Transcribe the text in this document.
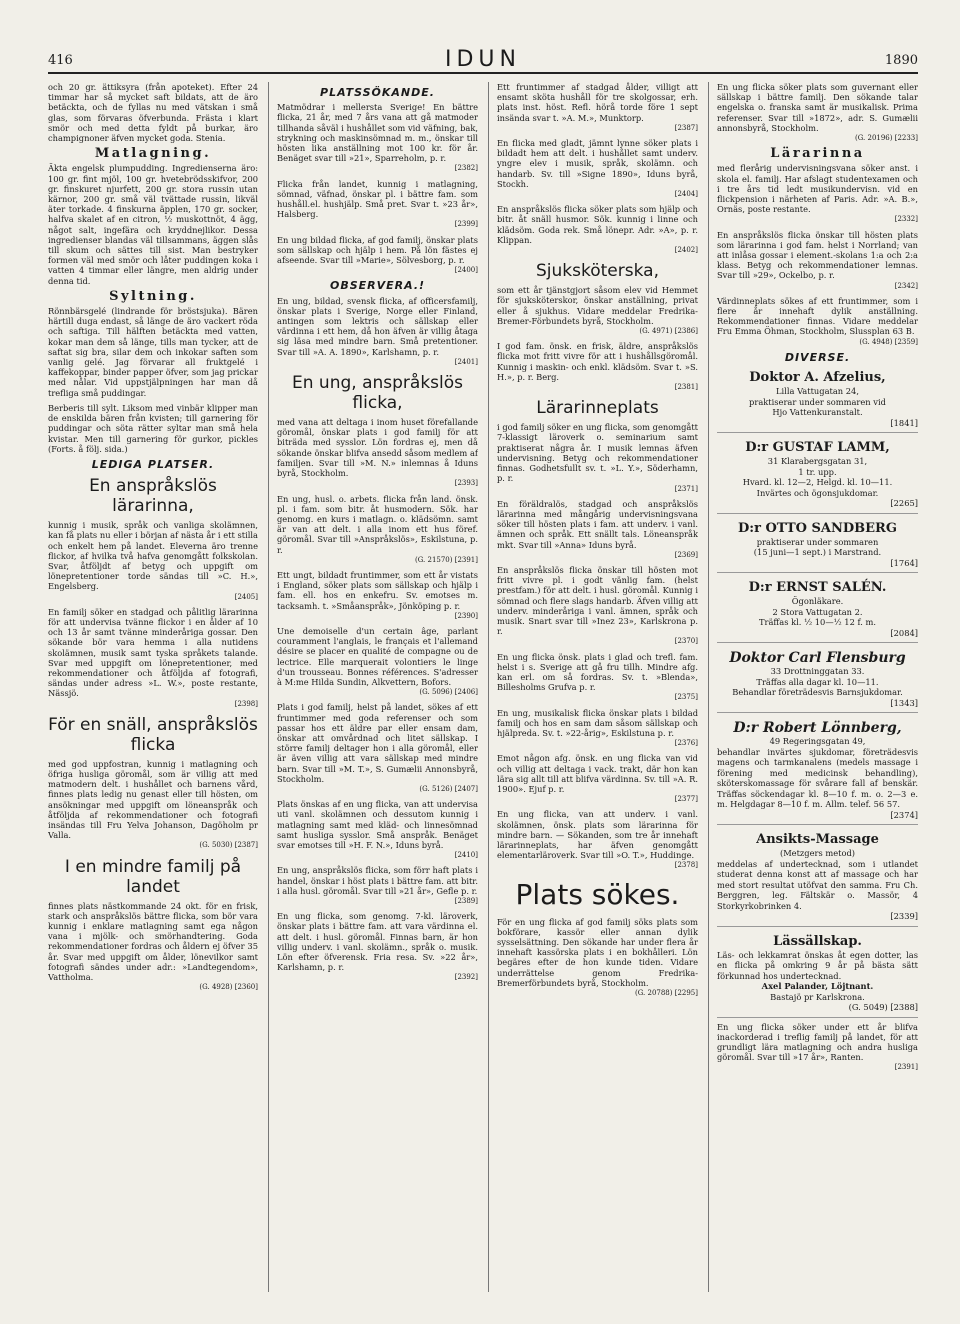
416	IDUN	1890

och 20 gr. ättiksyra (från apoteket). Efter 24 timmar har så mycket saft bildats, att de äro betäckta, och de fyllas nu med vätskan i små glas, som förvaras öfverbunda. Frästa i klart smör och med detta fyldt på burkar, äro champignoner äfven mycket goda. Stenia.

Matlagning.

Äkta engelsk plumpudding. Ingredienserna äro: 100 gr. fint mjöl, 100 gr. hvetebrödsskifvor, 200 gr. finskuret njurfett, 200 gr. stora russin utan kärnor, 200 gr. små väl tvättade russin, likväl äter torkade. 4 finskurna äpplen, 170 gr. socker, halfva skalet af en citron, ½ muskottnöt, 4 ägg, något salt, ingefära och kryddnejlikor. Dessa ingredienser blandas väl tillsammans, äggen slås till skum och sättes till sist. Man bestryker formen väl med smör och låter puddingen koka i vatten 4 timmar eller längre, men aldrig under denna tid.

Syltning.

Rönnbärsgelé (lindrande för bröstsjuka). Bären härtill duga endast, så länge de äro vackert röda och saftiga. Till hälften betäckta med vatten, kokar man dem så länge, tills man tycker, att de saftat sig bra, silar dem och inkokar saften som vanlig gelé. Jag förvarar all fruktgelé i kaffekoppar, binder papper öfver, som jag prickar med nålar. Vid uppstjälpningen har man då trefliga små puddingar.

Berberis till sylt. Liksom med vinbär klipper man de enskilda bären från kvisten; till garnering för puddingar och söta rätter syltar man små hela kvistar. Men till garnering för gurkor, pickles (Forts. å följ. sida.)

LEDIGA PLATSER.
En anspråkslös lärarinna,
kunnig i musik, språk och vanliga skolämnen, kan få plats nu eller i början af nästa år i ett stilla och enkelt hem på landet. Eleverna äro trenne flickor, af hvilka två hafva genomgått folkskolan. Svar, åtföljdt af betyg och uppgift om lönepretentioner torde sändas till »C. H.», Engelsberg.
[2405]
En familj söker en stadgad och pålitlig lärarinna för att undervisa tvänne flickor i en ålder af 10 och 13 år samt tvänne minderåriga gossar. Den sökande bör vara hemma i alla nutidens skolämnen, musik samt tyska språkets talande. Svar med uppgift om lönepretentioner, med rekommendationer och åtföljda af fotografi, sändas under adress »L. W.», poste restante, Nässjö.
[2398]
För en snäll, anspråkslös flicka
med god uppfostran, kunnig i matlagning och öfriga husliga göromål, som är villig att med matmodern delt. i hushållet och barnens vård, finnes plats ledig nu genast eller till hösten, om ansökningar med uppgift om löneanspråk och åtföljda af rekommendationer och fotografi insändas till Fru Yelva Johanson, Dagöholm pr Valla.
(G. 5030) [2387]
I en mindre familj på landet
finnes plats nästkommande 24 okt. för en frisk, stark och anspråkslös bättre flicka, som bör vara kunnig i enklare matlagning samt ega någon vana i mjölk- och smörhandtering. Goda rekommendationer fordras och åldern ej öfver 35 år. Svar med uppgift om ålder, lönevilkor samt fotografi sändes under adr.: »Landtegendom», Vattholma.
(G. 4928) [2360]
PLATSSÖKANDE.
Matmödrar i mellersta Sverige! En bättre flicka, 21 år, med 7 års vana att gå matmoder tillhanda såväl i hushållet som vid väfning, bak, strykning och maskinsömnad m. m., önskar till hösten lika anställning mot 100 kr. för år. Benäget svar till »21», Sparreholm, p. r.
[2382]
Flicka från landet, kunnig i matlagning, sömnad, väfnad, önskar pl. i bättre fam. som hushåll.el. hushjälp. Små pret. Svar t. »23 år», Halsberg.
[2399]
En ung bildad flicka, af god familj, önskar plats som sällskap och hjälp i hem. På lön fästes ej afseende. Svar till »Marie», Sölvesborg, p. r.
[2400]
OBSERVERA.!
En ung, bildad, svensk flicka, af officersfamilj, önskar plats i Sverige, Norge eller Finland, antingen som lektris och sällskap eller värdinna i ett hem, då hon äfven är villig åtaga sig läsa med mindre barn. Små pretentioner. Svar till »A. A. 1890», Karlshamn, p. r.
[2401]
En ung, anspråkslös flicka,
med vana att deltaga i inom huset förefallande göromål, önskar plats i god familj för att biträda med sysslor. Lön fordras ej, men då sökande önskar blifva ansedd såsom medlem af familjen. Svar till »M. N.» inlemnas å Iduns byrå, Stockholm.
[2393]
En ung, husl. o. arbets. flicka från land. önsk. pl. i fam. som bitr. åt husmodern. Sök. har genomg. en kurs i matlagn. o. klädsömn. samt är van att delt. i alla inom ett hus föref. göromål. Svar till »Anspråkslös», Eskilstuna, p. r.
(G. 21570) [2391]
Ett ungt, bildadt fruntimmer, som ett år vistats i England, söker plats som sällskap och hjälp i fam. ell. hos en enkefru. Sv. emotses m. tacksamh. t. »Småanspråk», Jönköping p. r.
[2390]
Une demoiselle d'un certain âge, parlant couramment l'anglais, le français et l'allemand désire se placer en qualité de compagne ou de lectrice. Elle marquerait volontiers le linge d'un trousseau. Bonnes références. S'adresser à M:me Hilda Sundin, Alkvettern, Bofors.
(G. 5096) [2406]
Plats i god familj, helst på landet, sökes af ett fruntimmer med goda referenser och som passar hos ett äldre par eller ensam dam, önskar att omvårdnad och litet sällskap. I större familj deltager hon i alla göromål, eller är även villig att vara sällskap med mindre barn. Svar till »M. T.», S. Gumælii Annonsbyrå, Stockholm.
(G. 5126) [2407]
Plats önskas af en ung flicka, van att undervisa uti vanl. skolämnen och dessutom kunnig i matlagning samt med kläd- och linnesömnad samt husliga sysslor. Små anspråk. Benäget svar emotses till »H. F. N.», Iduns byrå.
[2410]
En ung, anspråkslös flicka, som förr haft plats i handel, önskar i höst plats i bättre fam. att bitr. i alla husl. göromål. Svar till »21 år», Gefle p. r.
[2389]
En ung flicka, som genomg. 7-kl. läroverk, önskar plats i bättre fam. att vara värdinna el. att delt. i husl. göromål. Finnas barn, är hon villig underv. i vanl. skolämn., språk o. musik. Lön efter öfverensk. Fria resa. Sv. »22 år», Karlshamn, p. r.
[2392]
Ett fruntimmer af stadgad ålder, villigt att ensamt sköta hushåll för tre skolgossar, erh. plats inst. höst. Refl. hörå torde före 1 sept insända svar t. »A. M.», Munktorp.
[2387]
En flicka med gladt, jämnt lynne söker plats i bildadt hem att delt. i hushållet samt underv. yngre elev i musik, språk, skolämn. och handarb. Sv. till »Signe 1890», Iduns byrå, Stockh.
[2404]
En anspråkslös flicka söker plats som hjälp och bitr. åt snäll husmor. Sök. kunnig i linne och klädsöm. Goda rek. Små lönepr. Adr. »A», p. r. Klippan.
[2402]
Sjuksköterska,
som ett år tjänstgjort såsom elev vid Hemmet för sjuksköterskor, önskar anställning, privat eller å sjukhus. Vidare meddelar Fredrika-Bremer-Förbundets byrå, Stockholm.
(G. 4971) [2386]
I god fam. önsk. en frisk, äldre, anspråkslös flicka mot fritt vivre för att i hushållsgöromål. Kunnig i maskin- och enkl. klädsöm. Svar t. »S. H.», p. r. Berg.
[2381]
Lärarinneplats
i god familj söker en ung flicka, som genomgått 7-klassigt läroverk o. seminarium samt praktiserat några år. I musik lemnas äfven undervisning. Betyg och rekommendationer finnas. Godhetsfullt sv. t. »L. Y.», Söderhamn, p. r.
[2371]
En föräldralös, stadgad och anspråkslös lärarinna med mångårig undervisningsvana söker till hösten plats i fam. att underv. i vanl. ämnen och språk. Ett snällt tals. Löneanspråk mkt. Svar till »Anna» Iduns byrå.
[2369]
En anspråkslös flicka önskar till hösten mot fritt vivre pl. i godt vänlig fam. (helst prestfam.) för att delt. i husl. göromål. Kunnig i sömnad och flere slags handarb. Äfven villig att underv. minderåriga i vanl. ämnen, språk och musik. Snart svar till »Inez 23», Karlskrona p. r.
[2370]
En ung flicka önsk. plats i glad och trefl. fam. helst i s. Sverige att gå fru tillh. Mindre afg. kan erl. om så fordras. Sv. t. »Blenda», Billesholms Grufva p. r.
[2375]
En ung, musikalisk flicka önskar plats i bildad familj och hos en sam dam såsom sällskap och hjälpreda. Sv. t. »22-årig», Eskilstuna p. r.
[2376]
Emot någon afg. önsk. en ung flicka van vid och villig att deltaga i vack. trakt, där hon kan lära sig allt till att blifva värdinna. Sv. till »A. R. 1900». Ejuf p. r.
[2377]
En ung flicka, van att underv. i vanl. skolämnen, önsk. plats som lärarinna för mindre barn. — Sökanden, som tre år innehaft lärarinneplats, har äfven genomgått elementarläroverk. Svar till »O. T.», Huddinge.
[2378]
Plats sökes.
För en ung flicka af god familj söks plats som bokförare, kassör eller annan dylik sysselsättning. Den sökande har under flera år innehaft kassörska plats i en bokhålleri. Lön begäres efter de hon kunde tiden. Vidare underrättelse genom Fredrika-Bremerförbundets byrå, Stockholm.
(G. 20788) [2295]
En ung flicka söker plats som guvernant eller sällskap i bättre familj. Den sökande talar engelska o. franska samt är musikalisk. Prima referenser. Svar till »1872», adr. S. Gumælii annonsbyrå, Stockholm.
(G. 20196) [2233]
Lärarinna
med flerårig undervisningsvana söker anst. i skola el. familj. Har afslagt studentexamen och i tre års tid ledt musikundervisn. vid en flickpension i närheten af Paris. Adr. »A. B.», Ornäs, poste restante.
[2332]
En anspråkslös flicka önskar till hösten plats som lärarinna i god fam. helst i Norrland; van att inlåsa gossar i element.-skolans 1:a och 2:a klass. Betyg och rekommendationer lemnas. Svar till »29», Ockelbo, p. r.
[2342]
Värdinneplats sökes af ett fruntimmer, som i flere år innehaft dylik anställning. Rekommendationer finnas. Vidare meddelar Fru Emma Öhman, Stockholm, Slussplan 63 B.
(G. 4948) [2359]
DIVERSE.
Doktor A. Afzelius,
Lilla Vattugatan 24,
praktiserar under sommaren vid
Hjo Vattenkuranstalt.
[1841]
D:r GUSTAF LAMM,
31 Klarabergsgatan 31,
1 tr. upp.
Hvard. kl. 12—2, Helgd. kl. 10—11.
Invärtes och ögonsjukdomar.
[2265]
D:r OTTO SANDBERG
praktiserar under sommaren
(15 juni—1 sept.) i Marstrand.
[1764]
D:r ERNST SALÉN.
Ögonläkare.
2 Stora Vattugatan 2.
Träffas kl. ½ 10—½ 12 f. m.
[2084]
Doktor Carl Flensburg
33 Drottninggatan 33.
Träffas alla dagar kl. 10—11.
Behandlar företrädesvis Barnsjukdomar.
[1343]
D:r Robert Lönnberg,
49 Regeringsgatan 49,
behandlar invärtes sjukdomar, företrädesvis magens och tarmkanalens (medels massage i förening med medicinsk behandling), sköterskomassage för svårare fall af benskär. Träffas söckendagar kl. 8—10 f. m. o. 2—3 e. m. Helgdagar 8—10 f. m. Allm. telef. 56 57.
[2374]
Ansikts-Massage
(Metzgers metod)
meddelas af undertecknad, som i utlandet studerat denna konst att af massage och har med stort resultat utöfvat den samma. Fru Ch. Berggren, leg. Fältskär o. Massör, 4 Storkyrkobrinken 4.
[2339]
Lässällskap.
Läs- och lekkamrat önskas åt egen dotter, las en flicka på omkring 9 år på bästa sätt förkunnad hos undertecknad.
Axel Palander, Löjtnant.
Bastajö pr Karlskrona.
(G. 5049) [2388]
En ung flicka söker under ett år blifva inackorderad i treflig familj på landet, för att grundligt lära matlagning och andra husliga göromål. Svar till »17 år», Ranten.
[2391]
